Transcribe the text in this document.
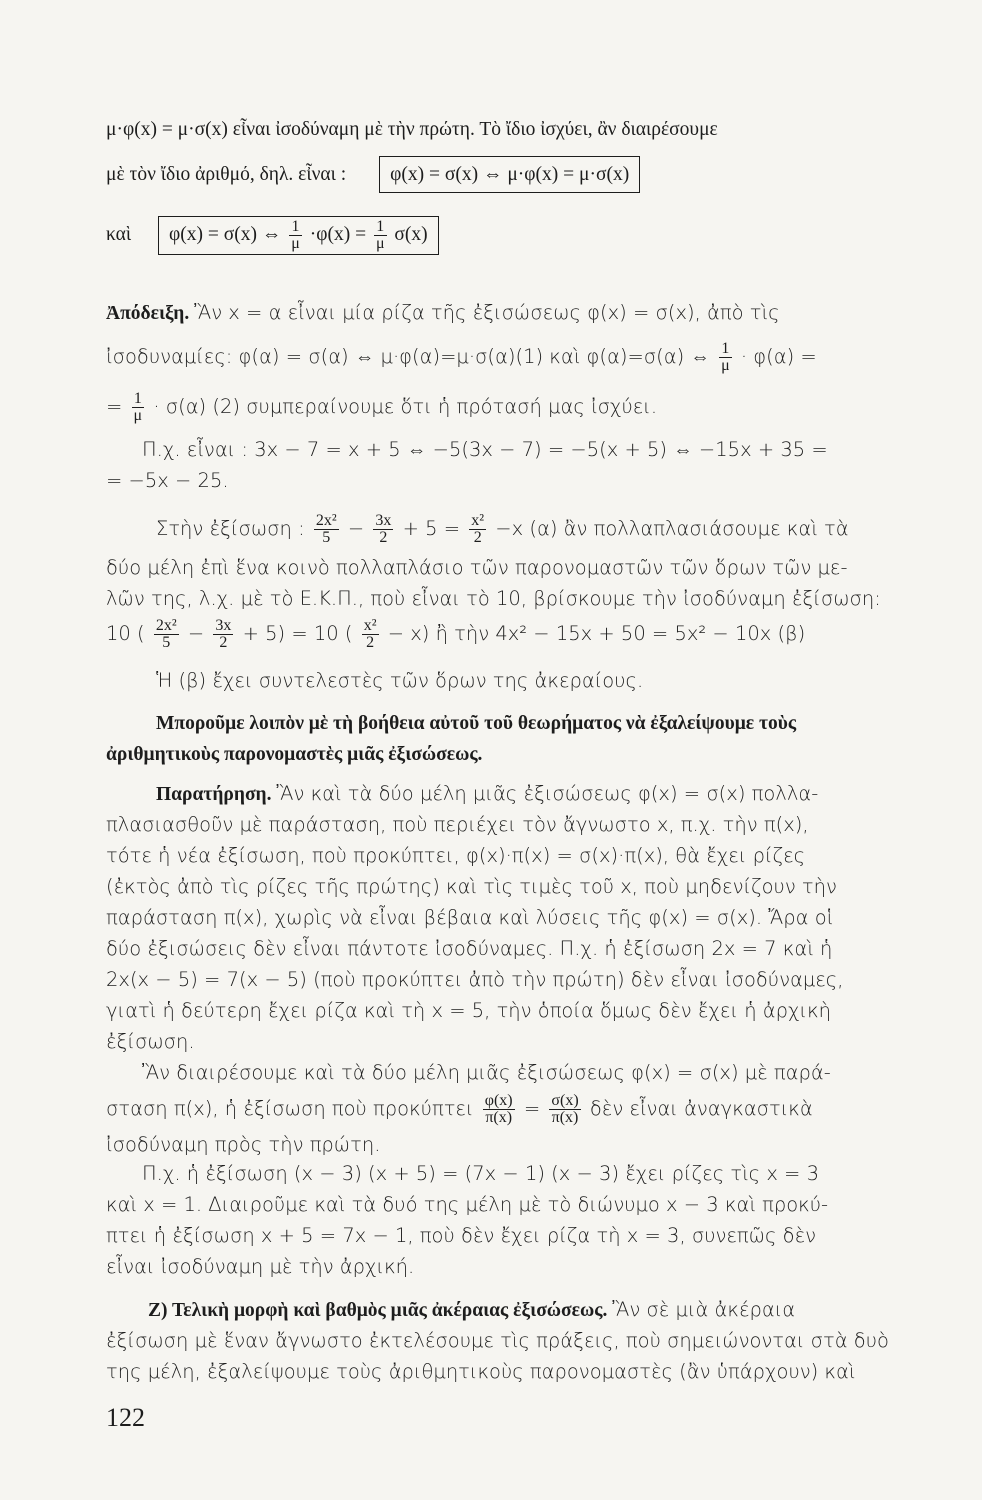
μ·φ(x) = μ·σ(x) εἶναι ἰσοδύναμη μὲ τὴν πρώτη. Τὸ ἴδιο ἰσχύει, ἂν διαιρέσουμε
μὲ τὸν ἴδιο ἀριθμό, δηλ. εἶναι : φ(x) = σ(x) ⇔ μ·φ(x) = μ·σ(x)
καὶ φ(x) = σ(x) ⇔ $\frac{1}{\mu} \cdot\varphi(x) = \frac{1}{\mu} \sigma(x)$
Ἀπόδειξη. Ἂν x = α εἶναι μία ρίζα τῆς ἐξισώσεως φ(x) = σ(x), ἀπὸ τὶς
ἰσοδυναμίες: φ(α) = σ(α) ⇔ μ·φ(α)=μ·σ(α)(1) καὶ φ(α)=σ(α) ⇔ $\frac{1}{\mu} \cdot \varphi(\alpha)$ =
= $\frac{1}{\mu} \cdot \sigma(\alpha)$ (2) συμπεραίνουμε ὅτι ἡ πρότασή μας ἰσχύει.
Π.χ. εἶναι : 3x − 7 = x + 5 ⇔ −5(3x − 7) = −5(x + 5) ⇔ −15x + 35 =
= −5x − 25.
Στὴν ἐξίσωση : $\frac{\text{2x²}}{5} - \frac{3x}{2} + 5 = \frac{\text{x²}}{2} -x$ (α) ἂν πολλαπλασιάσουμε καὶ τὰ
δύο μέλη ἐπὶ ἕνα κοινὸ πολλαπλάσιο τῶν παρονομαστῶν τῶν ὅρων τῶν με-
λῶν της, λ.χ. μὲ τὸ Ε.Κ.Π., ποὺ εἶναι τὸ 10, βρίσκουμε τὴν ἰσοδύναμη ἐξίσωση:
10 ( $\frac{\text{2x²}}{5} - \frac{3x}{2} + 5) = 10$ ( $\frac{\text{x²}}{2} - x$) ἢ τὴν 4x² − 15x + 50 = 5x² − 10x (β)
Ἡ (β) ἔχει συντελεστὲς τῶν ὅρων της ἀκεραίους.
Μποροῦμε λοιπὸν μὲ τὴ βοήθεια αὐτοῦ τοῦ θεωρήματος νὰ ἐξαλείψουμε τοὺς
ἀριθμητικοὺς παρονομαστὲς μιᾶς ἐξισώσεως.
Παρατήρηση. Ἂν καὶ τὰ δύο μέλη μιᾶς ἐξισώσεως φ(x) = σ(x) πολλα-
πλασιασθοῦν μὲ παράσταση, ποὺ περιέχει τὸν ἄγνωστο x, π.χ. τὴν π(x),
τότε ἡ νέα ἐξίσωση, ποὺ προκύπτει, φ(x)·π(x) = σ(x)·π(x), θὰ ἔχει ρίζες
(ἐκτὸς ἀπὸ τὶς ρίζες τῆς πρώτης) καὶ τὶς τιμὲς τοῦ x, ποὺ μηδενίζουν τὴν
παράσταση π(x), χωρὶς νὰ εἶναι βέβαια καὶ λύσεις τῆς φ(x) = σ(x). Ἄρα οἱ
δύο ἐξισώσεις δὲν εἶναι πάντοτε ἰσοδύναμες. Π.χ. ἡ ἐξίσωση 2x = 7 καὶ ἡ
2x(x − 5) = 7(x − 5) (ποὺ προκύπτει ἀπὸ τὴν πρώτη) δὲν εἶναι ἰσοδύναμες,
γιατὶ ἡ δεύτερη ἔχει ρίζα καὶ τὴ x = 5, τὴν ὁποία ὅμως δὲν ἔχει ἡ ἀρχικὴ
ἐξίσωση.
Ἂν διαιρέσουμε καὶ τὰ δύο μέλη μιᾶς ἐξισώσεως φ(x) = σ(x) μὲ παρά-
σταση π(x), ἡ ἐξίσωση ποὺ προκύπτει $\frac{\varphi(x)}{\pi(x)} = \frac{\sigma(x)}{\pi(x)}$ δὲν εἶναι ἀναγκαστικὰ
ἰσοδύναμη πρὸς τὴν πρώτη.
Π.χ. ἡ ἐξίσωση (x − 3) (x + 5) = (7x − 1) (x − 3) ἔχει ρίζες τὶς x = 3
καὶ x = 1. Διαιροῦμε καὶ τὰ δυό της μέλη μὲ τὸ διώνυμο x − 3 καὶ προκύ-
πτει ἡ ἐξίσωση x + 5 = 7x − 1, ποὺ δὲν ἔχει ρίζα τὴ x = 3, συνεπῶς δὲν
εἶναι ἰσοδύναμη μὲ τὴν ἀρχική.
Ζ) Τελικὴ μορφὴ καὶ βαθμὸς μιᾶς ἀκέραιας ἐξισώσεως. Ἂν σὲ μιὰ ἀκέραια
ἐξίσωση μὲ ἕναν ἄγνωστο ἐκτελέσουμε τὶς πράξεις, ποὺ σημειώνονται στὰ δυὸ
της μέλη, ἐξαλείψουμε τοὺς ἀριθμητικοὺς παρονομαστὲς (ἂν ὑπάρχουν) καὶ
122
